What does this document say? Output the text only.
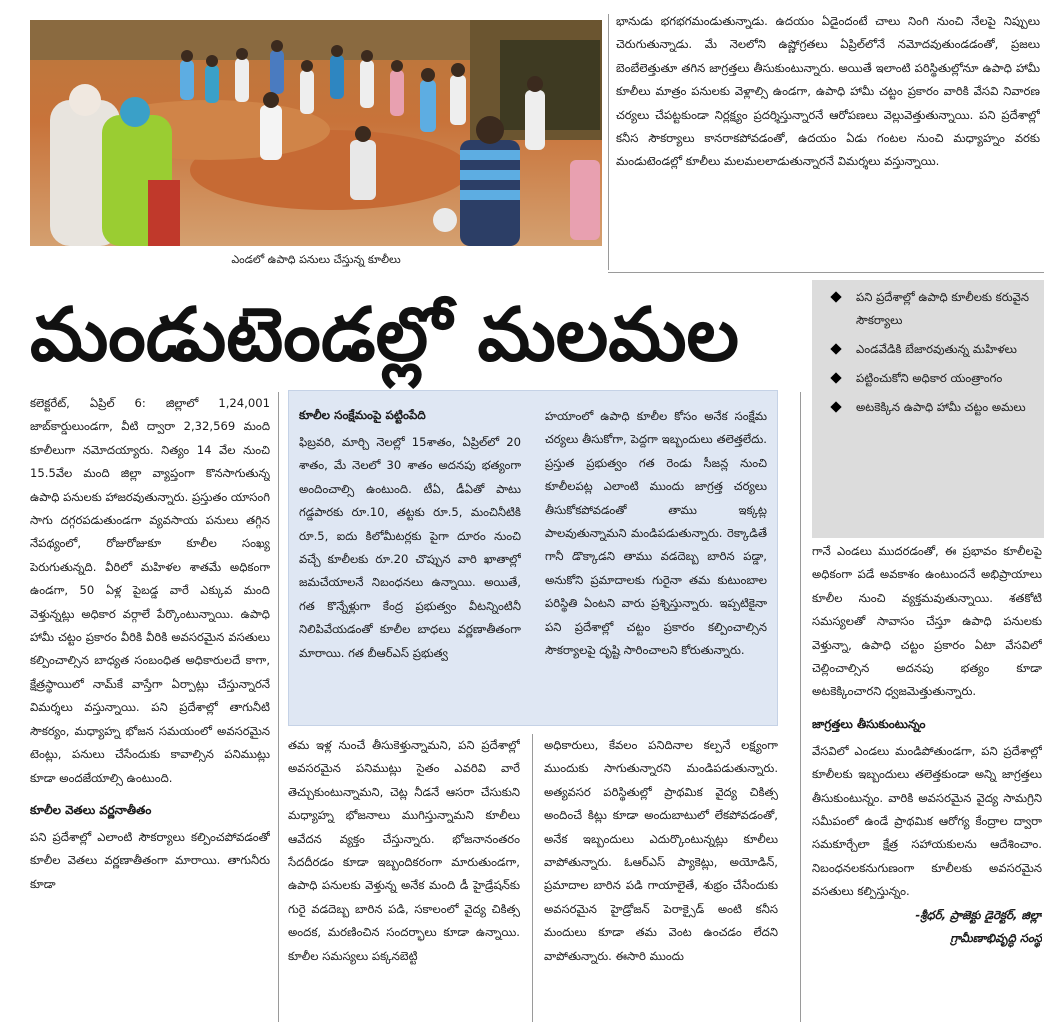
ఎండలో ఉపాధి పనులు చేస్తున్న కూలీలు

భానుడు భగభగమండుతున్నాడు. ఉదయం ఏడైందంటే చాలు నింగి నుంచి నేలపై నిప్పులు చెరుగుతున్నాడు. మే నెలలోని ఉష్ణోగ్రతలు ఏప్రిల్‌లోనే నమోదవుతుండడంతో, ప్రజలు బెంబేలెత్తుతూ తగిన జాగ్రత్తలు తీసుకుంటున్నారు. అయితే ఇలాంటి పరిస్థితుల్లోనూ ఉపాధి హామీ కూలీలు మాత్రం పనులకు వెళ్లాల్సి ఉండగా, ఉపాధి హామీ చట్టం ప్రకారం వారికి వేసవి నివారణ చర్యలు చేపట్టకుండా నిర్లక్ష్యం ప్రదర్శిస్తున్నారనే ఆరోపణలు వెల్లువెత్తుతున్నాయి. పని ప్రదేశాల్లో కనీస సౌకర్యాలు కానరాకపోవడంతో, ఉదయం ఏడు గంటల నుంచి మధ్యాహ్నం వరకు మండుటెండల్లో కూలీలు మలమలలాడుతున్నారనే విమర్శలు వస్తున్నాయి.

మండుటెండల్లో మలమల	పని ప్రదేశాల్లో ఉపాధి కూలీలకు కరువైన సౌకర్యాలు
ఎండవేడికి బేజారవుతున్న మహిళలు
పట్టించుకోని అధికార యంత్రాంగం
అటకెక్కిన ఉపాధి హామీ చట్టం అమలు

కలెక్టరేట్, ఏప్రిల్ 6: జిల్లాలో 1,24,001 జాబ్‌కార్డులుండగా, వీటి ద్వారా 2,32,569 మంది కూలీలుగా నమోదయ్యారు. నిత్యం 14 వేల నుంచి 15.5వేల మంది జిల్లా వ్యాప్తంగా కొనసాగుతున్న ఉపాధి పనులకు హాజరవుతున్నారు. ప్రస్తుతం యాసంగి సాగు దగ్గరపడుతుండగా వ్యవసాయ పనులు తగ్గిన నేపథ్యంలో, రోజురోజుకూ కూలీల సంఖ్య పెరుగుతున్నది. వీరిలో మహిళల శాతమే అధికంగా ఉండగా, 50 ఏళ్ల పైబడ్డ వారే ఎక్కువ మంది వెళ్తున్నట్లు అధికార వర్గాలే పేర్కొంటున్నాయి. ఉపాధి హామీ చట్టం ప్రకారం వీరికి వీరికి అవసరమైన వసతులు కల్పించాల్సిన బాధ్యత సంబంధిత అధికారులదే కాగా, క్షేత్రస్థాయిలో నామ్‌కే వాస్తేగా ఏర్పాట్లు చేస్తున్నారనే విమర్శలు వస్తున్నాయి. పని ప్రదేశాల్లో తాగునీటి సౌకర్యం, మధ్యాహ్న భోజన సమయంలో అవసరమైన టెంట్లు, పనులు చేసేందుకు కావాల్సిన పనిముట్లు కూడా అందజేయాల్సి ఉంటుంది.

కూలీల వెతలు వర్ణనాతీతం

పని ప్రదేశాల్లో ఎలాంటి సౌకర్యాలు కల్పించపోవడంతో కూలీల వెతలు వర్ణణాతీతంగా మారాయి. తాగునీరు కూడా

కూలీల సంక్షేమంపై పట్టింపేది

ఫిబ్రవరి, మార్చి నెలల్లో 15శాతం, ఏప్రిల్‌లో 20 శాతం, మే నెలలో 30 శాతం అదనపు భత్యంగా అందించాల్సి ఉంటుంది. టీఏ, డీఏతో పాటు గడ్డపారకు రూ.10, తట్టకు రూ.5, మంచినీటికి రూ.5, ఐదు కిలోమీటర్లకు పైగా దూరం నుంచి వచ్చే కూలీలకు రూ.20 చొప్పున వారి ఖాతాల్లో జమచేయాలనే నిబంధనలు ఉన్నాయి. అయితే, గత కొన్నేళ్లుగా కేంద్ర ప్రభుత్వం వీటన్నింటినీ నిలిపివేయడంతో కూలీల బాధలు వర్ణణాతీతంగా మారాయి. గత బీఆర్‌ఎస్ ప్రభుత్వ

హయాంలో ఉపాధి కూలీల కోసం అనేక సంక్షేమ చర్యలు తీసుకోగా, పెద్దగా ఇబ్బందులు తలెత్తలేదు. ప్రస్తుత ప్రభుత్వం గత రెండు సీజన్ల నుంచి కూలీలపట్ల ఎలాంటి ముందు జాగ్రత్త చర్యలు తీసుకోకపోవడంతో తాము ఇక్కట్ల పాలవుతున్నామని మండిపడుతున్నారు. రెక్కాడితే గానీ డొక్కాడని తాము వడదెబ్బ బారిన పడ్డా, అనుకోని ప్రమాదాలకు గురైనా తమ కుటుంబాల పరిస్థితి ఏంటని వారు ప్రశ్నిస్తున్నారు. ఇప్పటికైనా పని ప్రదేశాల్లో చట్టం ప్రకారం కల్పించాల్సిన సౌకర్యాలపై దృష్టి సారించాలని కోరుతున్నారు.

తమ ఇళ్ల నుంచే తీసుకెళ్తున్నామని, పని ప్రదేశాల్లో అవసరమైన పనిముట్లు సైతం ఎవరివి వారే తెచ్చుకుంటున్నామని, చెట్ల నీడనే ఆసరా చేసుకుని మధ్యాహ్న భోజనాలు ముగిస్తున్నామని కూలీలు ఆవేదన వ్యక్తం చేస్తున్నారు. భోజనానంతరం సేదదీరడం కూడా ఇబ్బందికరంగా మారుతుండగా, ఉపాధి పనులకు వెళ్తున్న అనేక మంది డీ హైడ్రేషన్‌కు గురై వడదెబ్బ బారిన పడి, సకాలంలో వైద్య చికిత్స అందక, మరణించిన సందర్భాలు కూడా ఉన్నాయి. కూలీల సమస్యలు పక్కనబెట్టి

అధికారులు, కేవలం పనిదినాల కల్పనే లక్ష్యంగా ముందుకు సాగుతున్నారని మండిపడుతున్నారు. అత్యవసర పరిస్థితుల్లో ప్రాథమిక వైద్య చికిత్స అందించే కిట్లు కూడా అందుబాటులో లేకపోవడంతో, అనేక ఇబ్బందులు ఎదుర్కొంటున్నట్లు కూలీలు వాపోతున్నారు. ఓఆర్‌ఎస్ ప్యాకెట్లు, అయోడిన్, ప్రమాదాల బారిన పడి గాయాలైతే, శుభ్రం చేసేందుకు అవసరమైన హైడ్రోజన్ పెరాక్సైడ్ అంటి కనీస మందులు కూడా తమ వెంట ఉంచడం లేదని వాపోతున్నారు. ఈసారి ముందు

గానే ఎండలు ముదరడంతో, ఈ ప్రభావం కూలీలపై అధికంగా పడే అవకాశం ఉంటుందనే అభిప్రాయాలు కూలీల నుంచి వ్యక్తమవుతున్నాయి. శతకోటి సమస్యలతో సావాసం చేస్తూ ఉపాధి పనులకు వెళ్తున్నా, ఉపాధి చట్టం ప్రకారం ఏటా వేసవిలో చెల్లించాల్సిన అదనపు భత్యం కూడా అటకెక్కించారని ధ్వజమెత్తుతున్నారు.

జాగ్రత్తలు తీసుకుంటున్నం

వేసవిలో ఎండలు మండిపోతుండగా, పని ప్రదేశాల్లో కూలీలకు ఇబ్బందులు తలెత్తకుండా అన్ని జాగ్రత్తలు తీసుకుంటున్నం. వారికి అవసరమైన వైద్య సామగ్రిని సమీపంలో ఉండే ప్రాథమిక ఆరోగ్య కేంద్రాల ద్వారా సమకూర్చేలా క్షేత్ర సహాయకులను ఆదేశించాం. నిబంధనలకనుగుణంగా కూలీలకు అవసరమైన వసతులు కల్పిస్తున్నం.

-శ్రీధర్, ప్రాజెక్టు డైరెక్టర్, జిల్లా

గ్రామీణాభివృద్ధి సంస్థ
